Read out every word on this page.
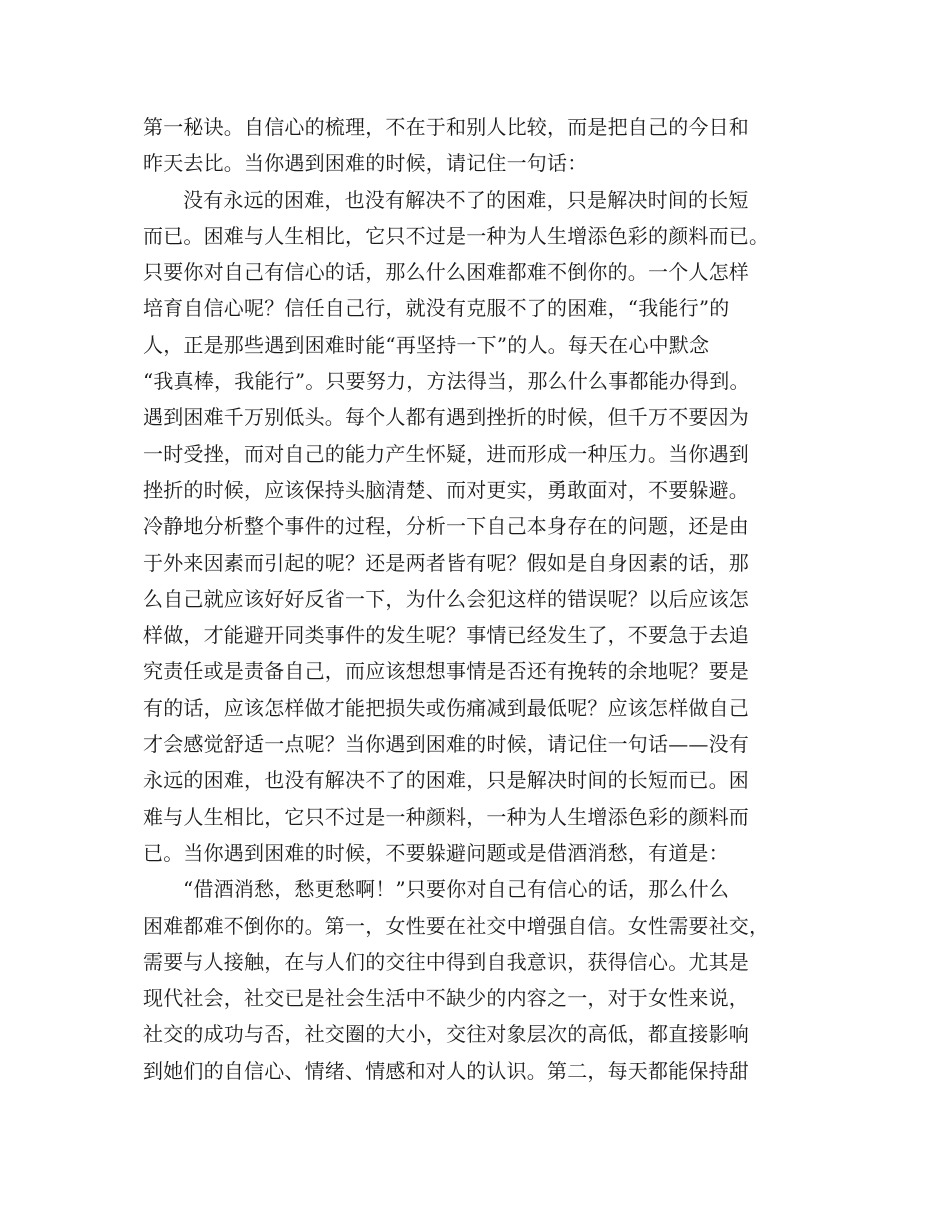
第一秘诀。自信心的梳理，不在于和别人比较，而是把自己的今日和
昨天去比。当你遇到困难的时候，请记住一句话：
没有永远的困难，也没有解决不了的困难，只是解决时间的长短
而已。困难与人生相比，它只不过是一种为人生增添色彩的颜料而已。
只要你对自己有信心的话，那么什么困难都难不倒你的。一个人怎样
培育自信心呢？信任自己行，就没有克服不了的困难，“我能行”的
人，正是那些遇到困难时能“再坚持一下”的人。每天在心中默念
“我真棒，我能行”。只要努力，方法得当，那么什么事都能办得到。
遇到困难千万别低头。每个人都有遇到挫折的时候，但千万不要因为
一时受挫，而对自己的能力产生怀疑，进而形成一种压力。当你遇到
挫折的时候，应该保持头脑清楚、而对更实，勇敢面对，不要躲避。
冷静地分析整个事件的过程，分析一下自己本身存在的问题，还是由
于外来因素而引起的呢？还是两者皆有呢？假如是自身因素的话，那
么自己就应该好好反省一下，为什么会犯这样的错误呢？以后应该怎
样做，才能避开同类事件的发生呢？事情已经发生了，不要急于去追
究责任或是责备自己，而应该想想事情是否还有挽转的余地呢？要是
有的话，应该怎样做才能把损失或伤痛减到最低呢？应该怎样做自己
才会感觉舒适一点呢？当你遇到困难的时候，请记住一句话——没有
永远的困难，也没有解决不了的困难，只是解决时间的长短而已。困
难与人生相比，它只不过是一种颜料，一种为人生增添色彩的颜料而
已。当你遇到困难的时候，不要躲避问题或是借酒消愁，有道是：
“借酒消愁，愁更愁啊！”只要你对自己有信心的话，那么什么
困难都难不倒你的。第一，女性要在社交中增强自信。女性需要社交，
需要与人接触，在与人们的交往中得到自我意识，获得信心。尤其是
现代社会，社交已是社会生活中不缺少的内容之一，对于女性来说，
社交的成功与否，社交圈的大小，交往对象层次的高低，都直接影响
到她们的自信心、情绪、情感和对人的认识。第二，每天都能保持甜
